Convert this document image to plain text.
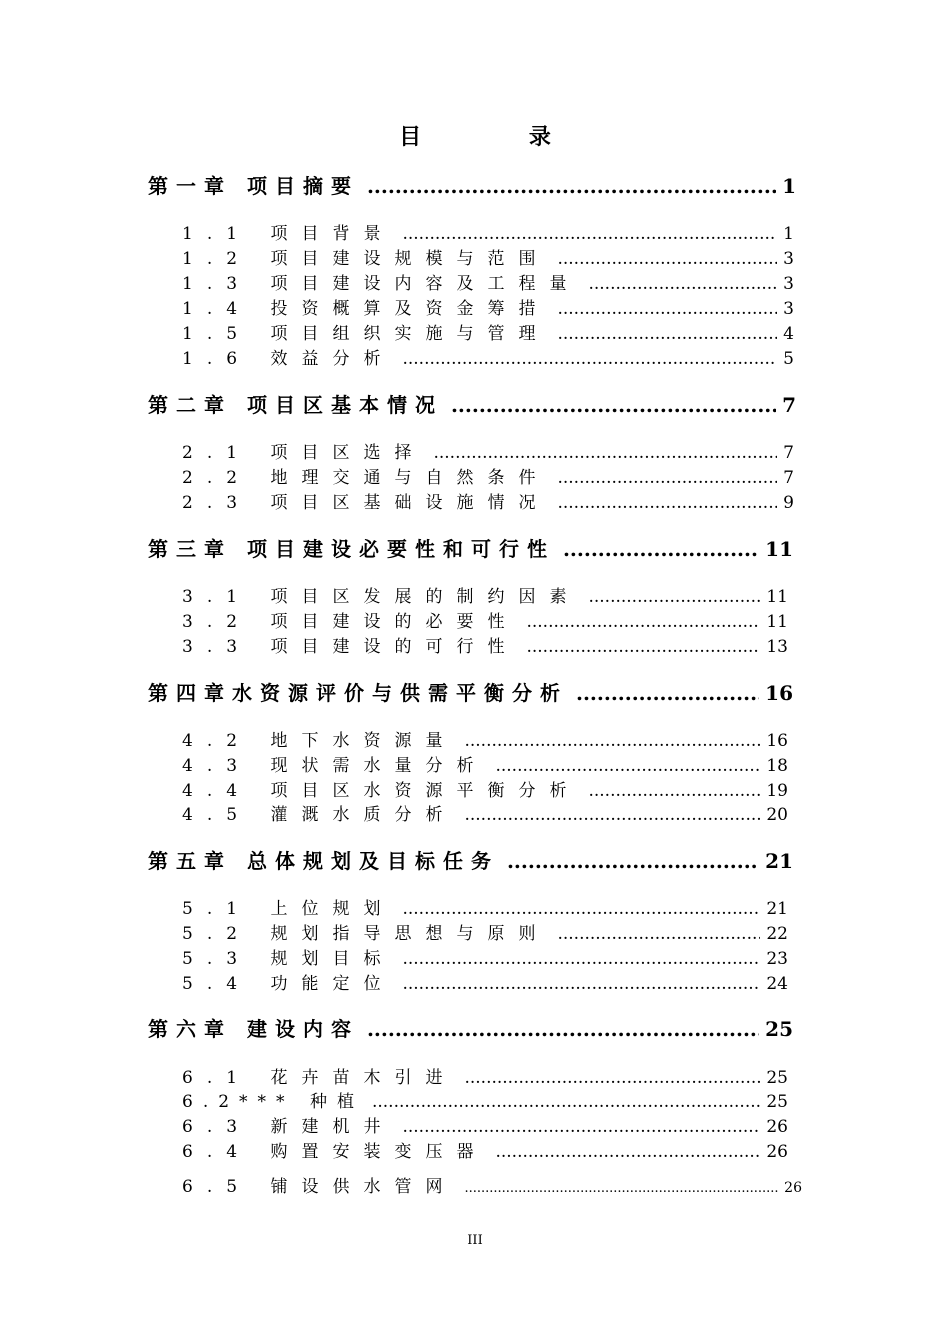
目 录
第一章 项目摘要 .....	1
1.1 项目背景 .....	1
1.2 项目建设规模与范围 .....	3
1.3 项目建设内容及工程量 .....	3
1.4 投资概算及资金筹措 .....	3
1.5 项目组织实施与管理 .....	4
1.6 效益分析 .....	5
第二章 项目区基本情况 .....	7
2.1 项目区选择 .....	7
2.2 地理交通与自然条件 .....	7
2.3 项目区基础设施情况 .....	9
第三章 项目建设必要性和可行性 .....	11
3.1 项目区发展的制约因素 .....	11
3.2 项目建设的必要性 .....	11
3.3 项目建设的可行性 .....	13
第四章水资源评价与供需平衡分析 .....	16
4.2 地下水资源量 .....	16
4.3 现状需水量分析 .....	18
4.4 项目区水资源平衡分析 .....	19
4.5 灌溉水质分析 .....	20
第五章 总体规划及目标任务 .....	21
5.1 上位规划 .....	21
5.2 规划指导思想与原则 .....	22
5.3 规划目标 .....	23
5.4 功能定位 .....	24
第六章 建设内容 .....	25
6.1 花卉苗木引进 .....	25
6.2*** 种植 .....	25
6.3 新建机井 .....	26
6.4 购置安装变压器 .....	26
6.5 铺设供水管网 .....	26
III
